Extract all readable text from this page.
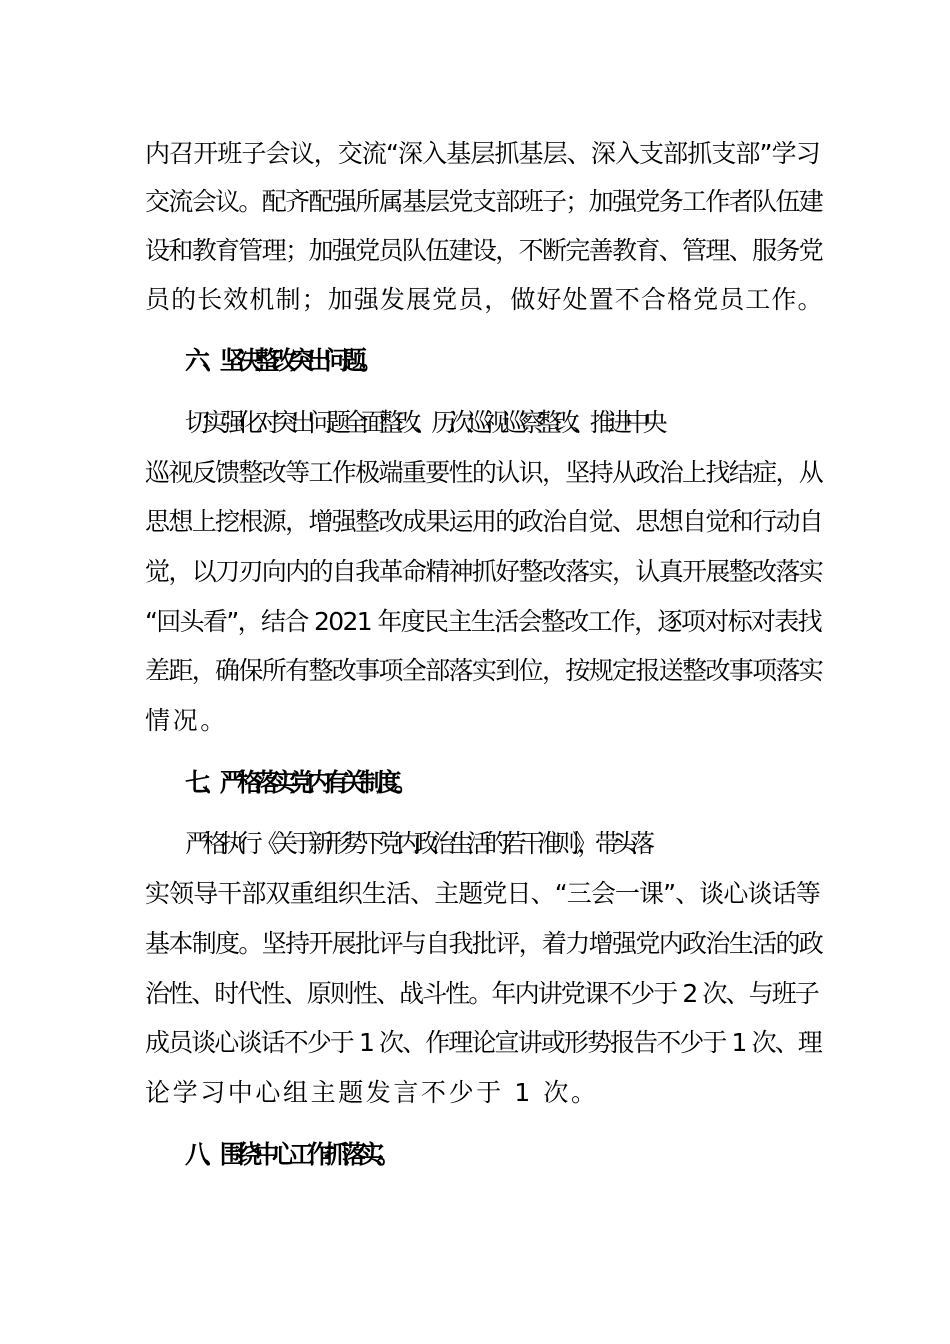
内召开班子会议，交流“深入基层抓基层、深入支部抓支部”学习
交流会议。配齐配强所属基层党支部班子；加强党务工作者队伍建
设和教育管理；加强党员队伍建设，不断完善教育、管理、服务党
员的长效机制；加强发展党员，做好处置不合格党员工作。
六、坚决整改突出问题。
切实强化对突出问题全面整改、历次巡视巡察整改、推进中央
巡视反馈整改等工作极端重要性的认识，坚持从政治上找结症，从
思想上挖根源，增强整改成果运用的政治自觉、思想自觉和行动自
觉，以刀刃向内的自我革命精神抓好整改落实，认真开展整改落实
“回头看”，结合 2021 年度民主生活会整改工作，逐项对标对表找
差距，确保所有整改事项全部落实到位，按规定报送整改事项落实
情况。
七、严格落实党内有关制度。
严格执行《关于新形势下党内政治生活的若干准则》，带头落
实领导干部双重组织生活、主题党日、“三会一课”、谈心谈话等
基本制度。坚持开展批评与自我批评，着力增强党内政治生活的政
治性、时代性、原则性、战斗性。年内讲党课不少于 2 次、与班子
成员谈心谈话不少于 1 次、作理论宣讲或形势报告不少于 1 次、理
论学习中心组主题发言不少于 1 次。
八、围绕中心工作抓落实。
